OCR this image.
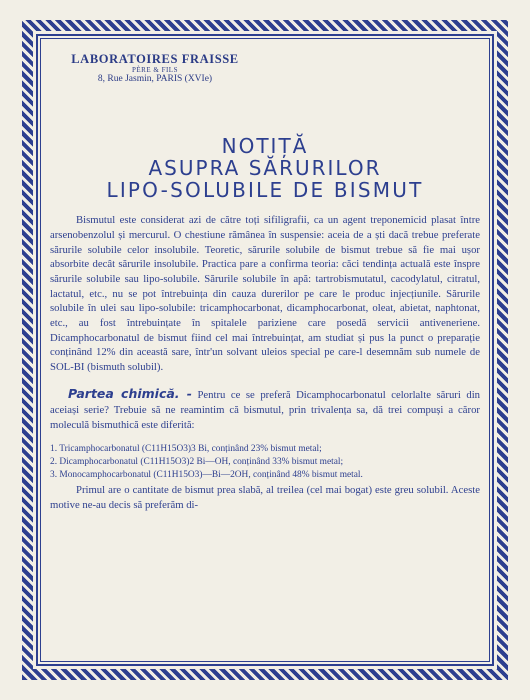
LABORATOIRES FRAISSE
PÈRE & FILS
8, Rue Jasmin, PARIS (XVIe)
NOTIȚĂ
ASUPRA SĂRURILOR
LIPO-SOLUBILE DE BISMUT

Bismutul este considerat azi de către toți sifiligrafii, ca un agent treponemicid plasat între arsenobenzolul și mercurul. O chestiune rămânea în suspensie: aceia de a ști dacă trebue preferate sărurile solubile celor insolubile. Teoretic, sărurile solubile de bismut trebue să fie mai ușor absorbite decât sărurile insolubile. Practica pare a confirma teoria: căci tendința actuală este înspre sărurile solubile sau lipo-solubile. Sărurile solubile în apă: tartrobismutatul, cacodylatul, citratul, lactatul, etc., nu se pot întrebuința din cauza durerilor pe care le produc injecțiunile. Sărurile solubile în ulei sau lipo-solubile: tricamphocarbonat, dicamphocarbonat, oleat, abietat, naphtonat, etc., au fost întrebuințate în spitalele pariziene care posedă servicii antiveneriene. Dicamphocarbonatul de bismut fiind cel mai întrebuințat, am studiat și pus la punct o preparație conținând 12% din această sare, într'un solvant uleios special pe care-l desemnăm sub numele de SOL-BI (bismuth solubil).

Partea chimică. - Pentru ce se preferă Dicamphocarbonatul celorlalte săruri din aceiași serie? Trebuie să ne reamintim că bismutul, prin trivalența sa, dă trei compuși a căror moleculă bismuthică este diferită:

1. Tricamphocarbonatul (C11H15O3)3 Bi, conținând 23% bismut metal;
2. Dicamphocarbonatul (C11H15O3)2 Bi—OH, conținând 33% bismut metal;
3. Monocamphocarbonatul (C11H15O3)—Bi—2OH, conținând 48% bismut metal.

Primul are o cantitate de bismut prea slabă, al treilea (cel mai bogat) este greu solubil. Aceste motive ne-au decis să preferăm di-
